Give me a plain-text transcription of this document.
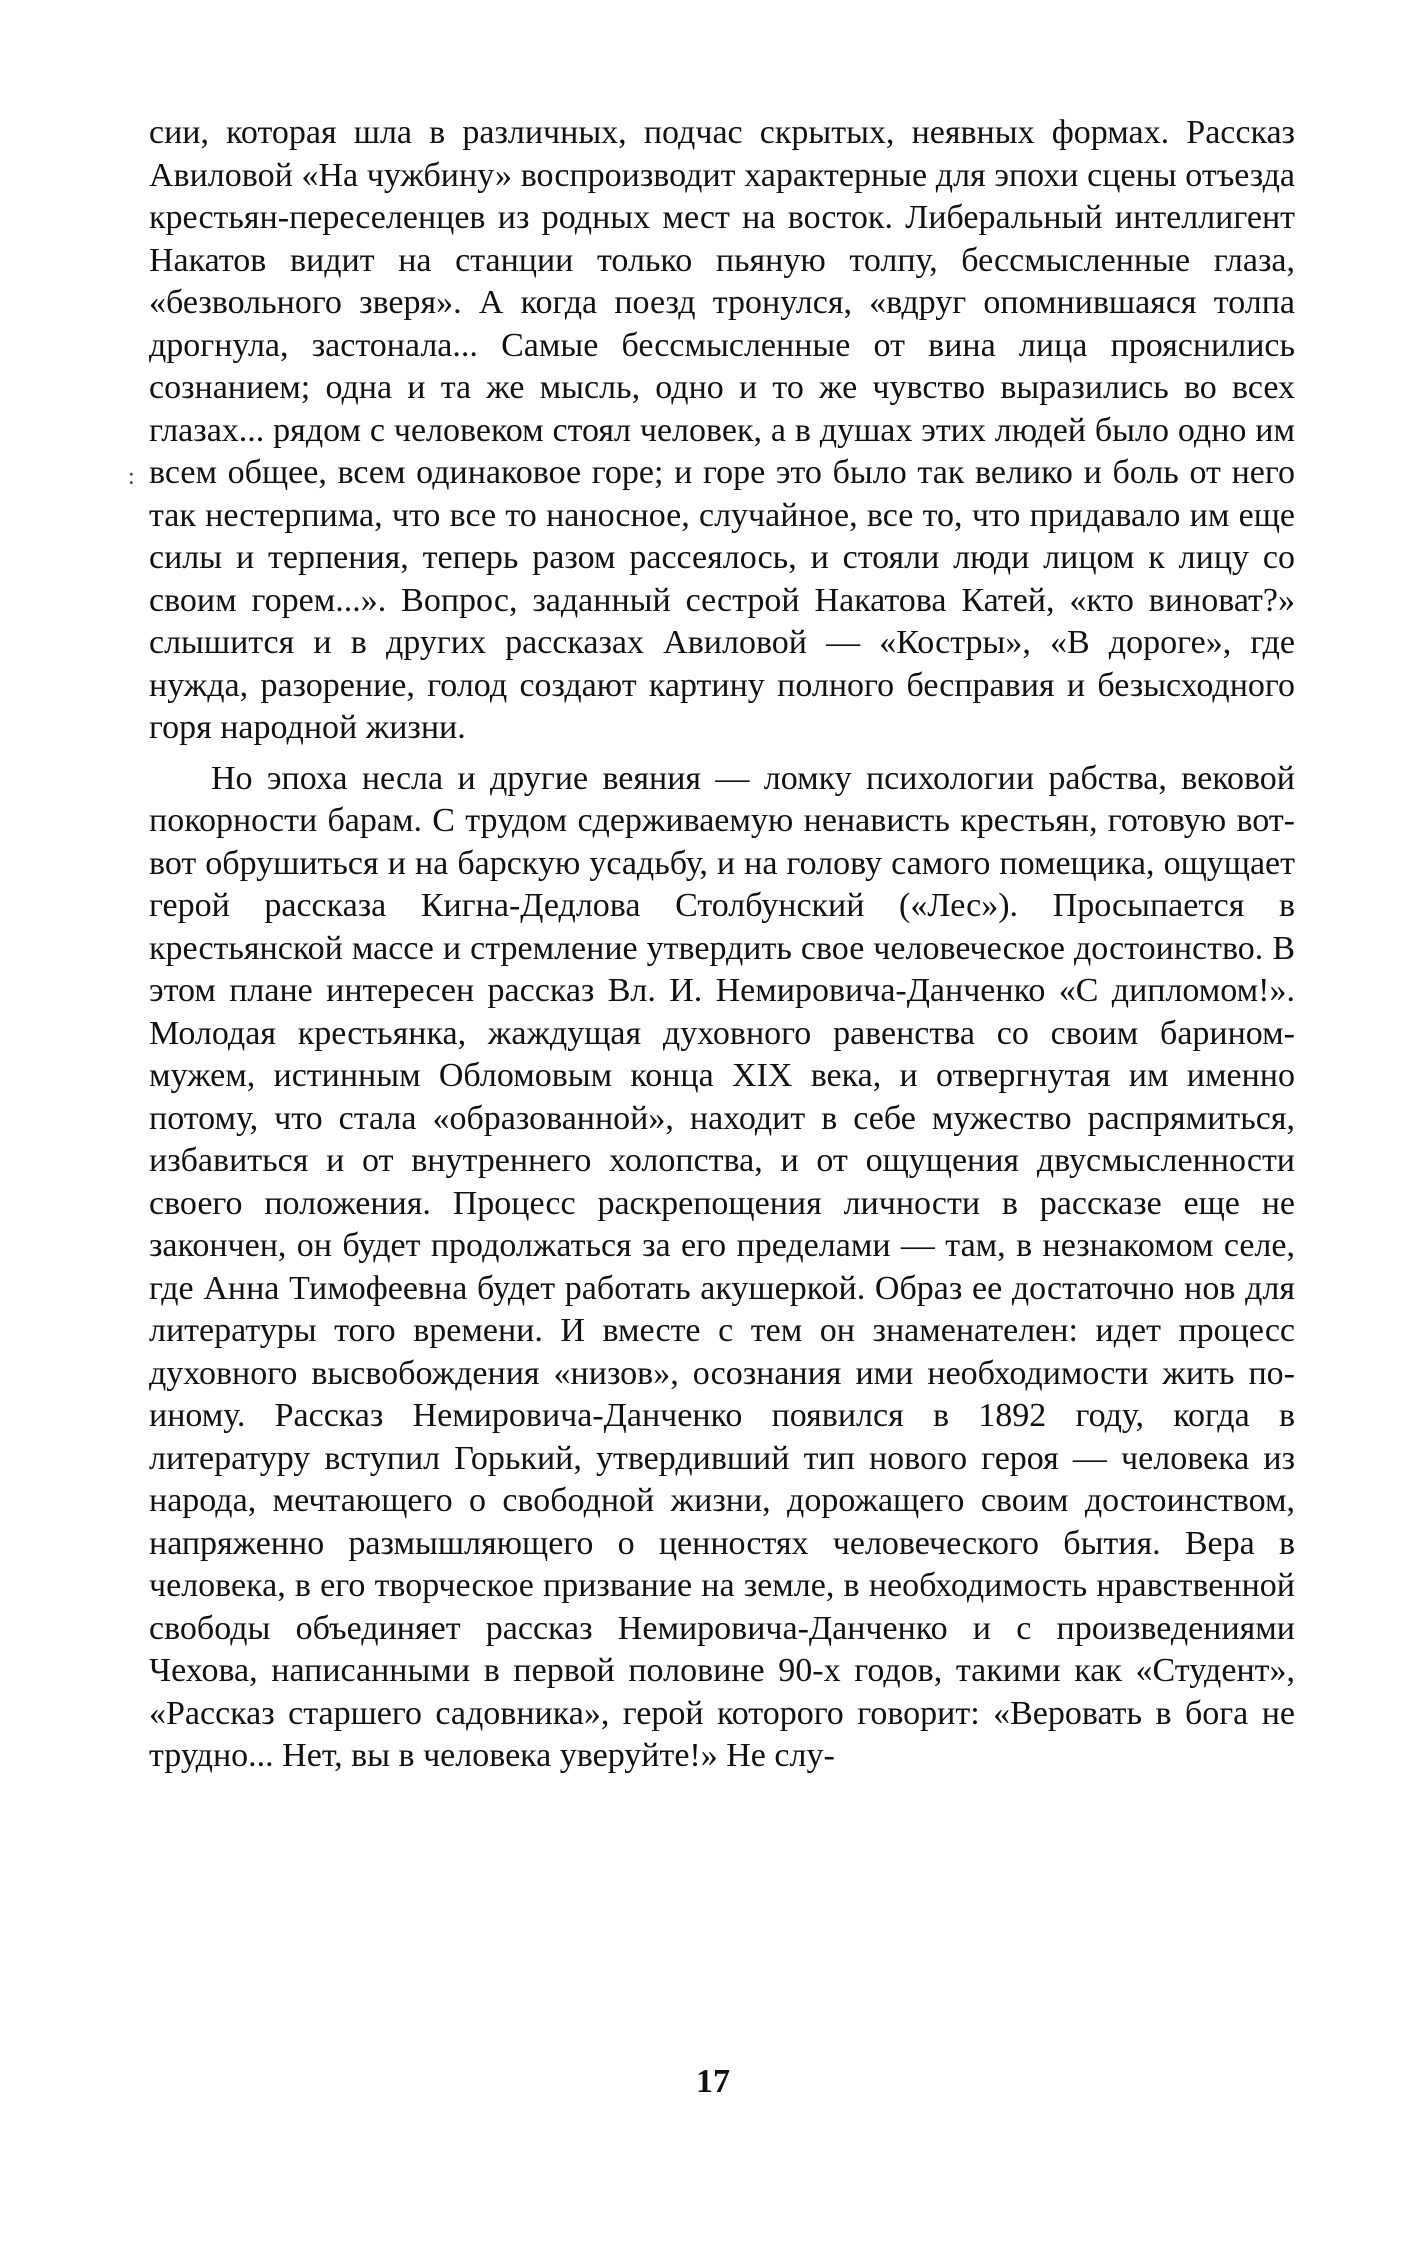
сии, которая шла в различных, подчас скрытых, неявных формах. Рассказ Авиловой «На чужбину» воспроизводит характерные для эпохи сцены отъезда крестьян-переселенцев из родных мест на восток. Либеральный интеллигент Накатов видит на станции только пьяную толпу, бессмысленные глаза, «безвольного зверя». А когда поезд тронулся, «вдруг опомнившаяся толпа дрогнула, застонала... Самые бессмысленные от вина лица прояснились сознанием; одна и та же мысль, одно и то же чувство выразились во всех глазах... рядом с человеком стоял человек, а в душах этих людей было одно им всем общее, всем одинаковое горе; и горе это было так велико и боль от него так нестерпима, что все то наносное, случайное, все то, что придавало им еще силы и терпения, теперь разом рассеялось, и стояли люди лицом к лицу со своим горем...». Вопрос, заданный сестрой Накатова Катей, «кто виноват?» слышится и в других рассказах Авиловой — «Костры», «В дороге», где нужда, разорение, голод создают картину полного бесправия и безысходного горя народной жизни.

Но эпоха несла и другие веяния — ломку психологии рабства, вековой покорности барам. С трудом сдерживаемую ненависть крестьян, готовую вот-вот обрушиться и на барскую усадьбу, и на голову самого помещика, ощущает герой рассказа Кигна-Дедлова Столбунский («Лес»). Просыпается в крестьянской массе и стремление утвердить свое человеческое достоинство. В этом плане интересен рассказ Вл. И. Немировича-Данченко «С дипломом!». Молодая крестьянка, жаждущая духовного равенства со своим барином-мужем, истинным Обломовым конца XIX века, и отвергнутая им именно потому, что стала «образованной», находит в себе мужество распрямиться, избавиться и от внутреннего холопства, и от ощущения двусмысленности своего положения. Процесс раскрепощения личности в рассказе еще не закончен, он будет продолжаться за его пределами — там, в незнакомом селе, где Анна Тимофеевна будет работать акушеркой. Образ ее достаточно нов для литературы того времени. И вместе с тем он знаменателен: идет процесс духовного высвобождения «низов», осознания ими необходимости жить по-иному. Рассказ Немировича-Данченко появился в 1892 году, когда в литературу вступил Горький, утвердивший тип нового героя — человека из народа, мечтающего о свободной жизни, дорожащего своим достоинством, напряженно размышляющего о ценностях человеческого бытия. Вера в человека, в его творческое призвание на земле, в необходимость нравственной свободы объединяет рассказ Немировича-Данченко и с произведениями Чехова, написанными в первой половине 90-х годов, такими как «Студент», «Рассказ старшего садовника», герой которого говорит: «Веровать в бога не трудно... Нет, вы в человека уверуйте!» Не слу-

:
17
